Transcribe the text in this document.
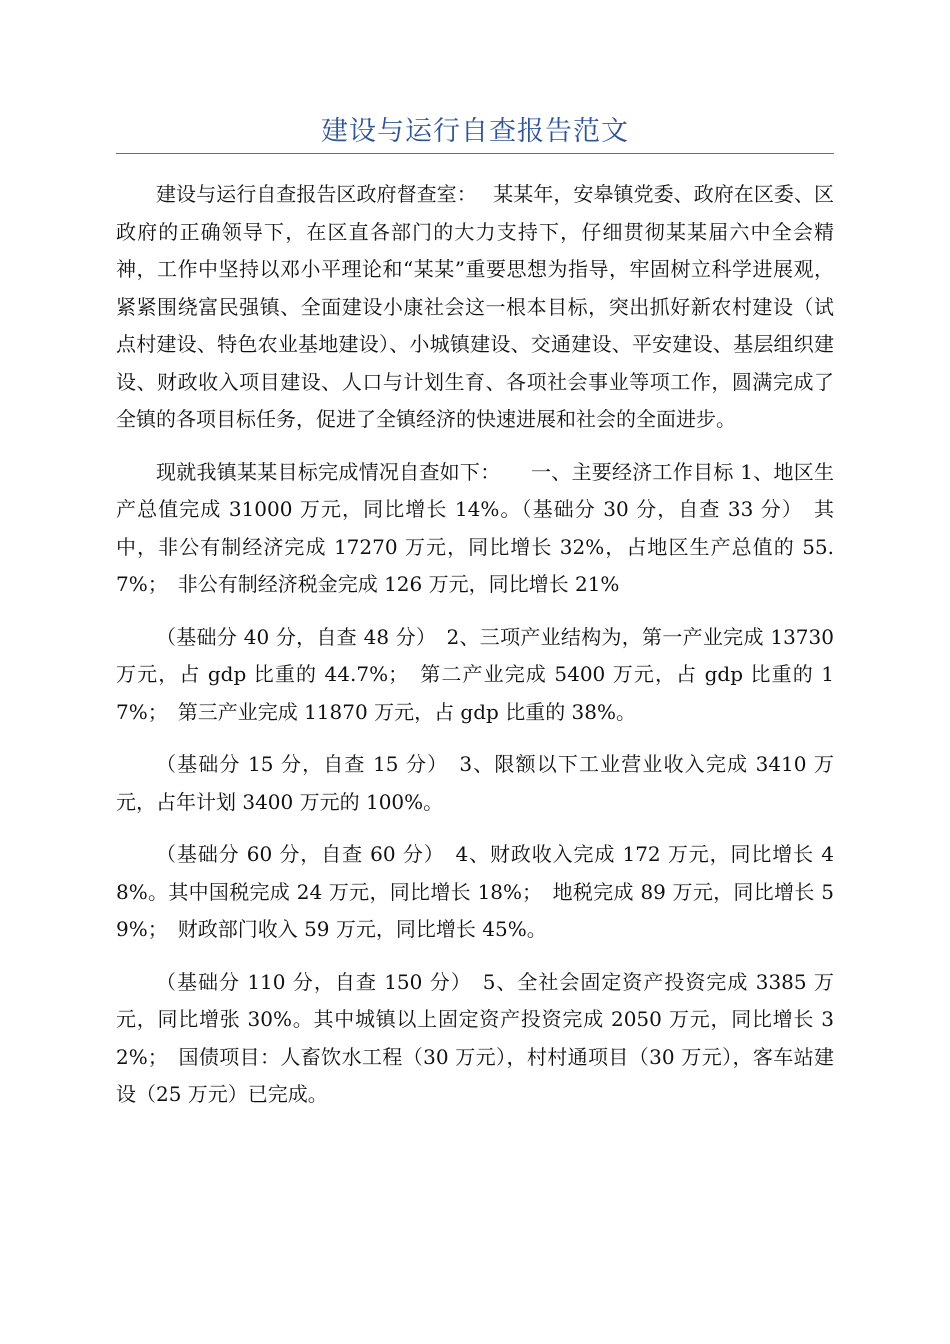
建设与运行自查报告范文

建设与运行自查报告区政府督查室：　 某某年，安皋镇党委、政府在区委、区政府的正确领导下，在区直各部门的大力支持下，仔细贯彻某某届六中全会精神，工作中坚持以邓小平理论和“某某”重要思想为指导，牢固树立科学进展观，紧紧围绕富民强镇、全面建设小康社会这一根本目标，突出抓好新农村建设（试点村建设、特色农业基地建设）、小城镇建设、交通建设、平安建设、基层组织建设、财政收入项目建设、人口与计划生育、各项社会事业等项工作，圆满完成了全镇的各项目标任务，促进了全镇经济的快速进展和社会的全面进步。

现就我镇某某目标完成情况自查如下：　　一、主要经济工作目标 1、地区生产总值完成 31000 万元，同比增长 14%。（基础分 30 分，自查 33 分）　其中，非公有制经济完成 17270 万元，同比增长 32%，占地区生产总值的 55.7%；　非公有制经济税金完成 126 万元，同比增长 21%

（基础分 40 分，自查 48 分）　2、三项产业结构为，第一产业完成 13730 万元，占 gdp 比重的 44.7%；　第二产业完成 5400 万元，占 gdp 比重的 17%；　第三产业完成 11870 万元，占 gdp 比重的 38%。

（基础分 15 分，自查 15 分）　3、限额以下工业营业收入完成 3410 万元，占年计划 3400 万元的 100%。

（基础分 60 分，自查 60 分）　4、财政收入完成 172 万元，同比增长 48%。其中国税完成 24 万元，同比增长 18%；　地税完成 89 万元，同比增长 59%；　财政部门收入 59 万元，同比增长 45%。

（基础分 110 分，自查 150 分）　5、全社会固定资产投资完成 3385 万元，同比增张 30%。其中城镇以上固定资产投资完成 2050 万元，同比增长 32%；　国债项目：人畜饮水工程（30 万元），村村通项目（30 万元），客车站建设（25 万元）已完成。
